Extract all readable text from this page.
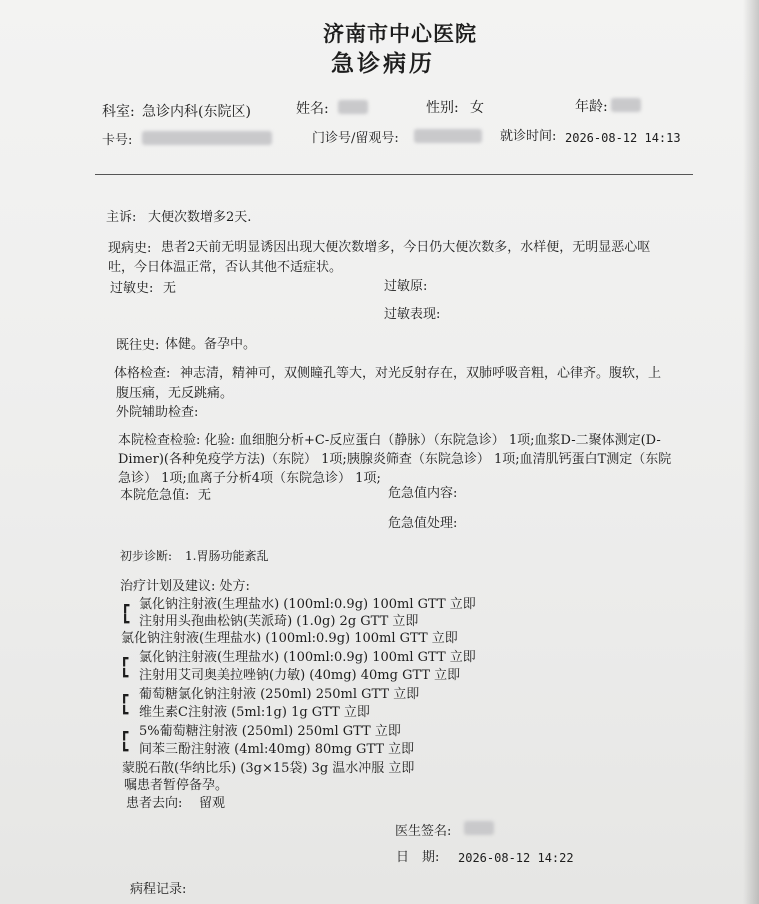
济南市中心医院
急诊病历
科室: 急诊内科(东院区)	姓名:	性别: 女	年龄:
卡号:	门诊号/留观号:	就诊时间: 2026-08-12 14:13
主诉: 大便次数增多2天.
现病史: 患者2天前无明显诱因出现大便次数增多，今日仍大便次数多，水样便，无明显恶心呕
吐，今日体温正常，否认其他不适症状。
过敏史: 无	过敏原:
过敏表现:
既往史: 体健。备孕中。
体格检查: 神志清，精神可，双侧瞳孔等大，对光反射存在，双肺呼吸音粗，心律齐。腹软，上
腹压痛，无反跳痛。
外院辅助检查:
本院检查检验: 化验: 血细胞分析+C-反应蛋白（静脉）（东院急诊） 1项;血浆D-二聚体测定(D-
Dimer)(各种免疫学方法)（东院） 1项;胰腺炎筛查（东院急诊） 1项;血清肌钙蛋白T测定（东院
急诊） 1项;血离子分析4项（东院急诊） 1项;
本院危急值: 无	危急值内容:
危急值处理:
初步诊断: 1.胃肠功能紊乱
治疗计划及建议: 处方:
┏ 氯化钠注射液(生理盐水) (100ml:0.9g) 100ml GTT 立即
┗ 注射用头孢曲松钠(芙派琦) (1.0g) 2g GTT 立即
氯化钠注射液(生理盐水) (100ml:0.9g) 100ml GTT 立即
┏ 氯化钠注射液(生理盐水) (100ml:0.9g) 100ml GTT 立即
┗ 注射用艾司奥美拉唑钠(力敏) (40mg) 40mg GTT 立即
┏ 葡萄糖氯化钠注射液 (250ml) 250ml GTT 立即
┗ 维生素C注射液 (5ml:1g) 1g GTT 立即
┏ 5%葡萄糖注射液 (250ml) 250ml GTT 立即
┗ 间苯三酚注射液 (4ml:40mg) 80mg GTT 立即
蒙脱石散(华纳比乐) (3g×15袋) 3g 温水冲服 立即
嘱患者暂停备孕。
患者去向: 留观
医生签名:
日　期: 2026-08-12 14:22
病程记录:
